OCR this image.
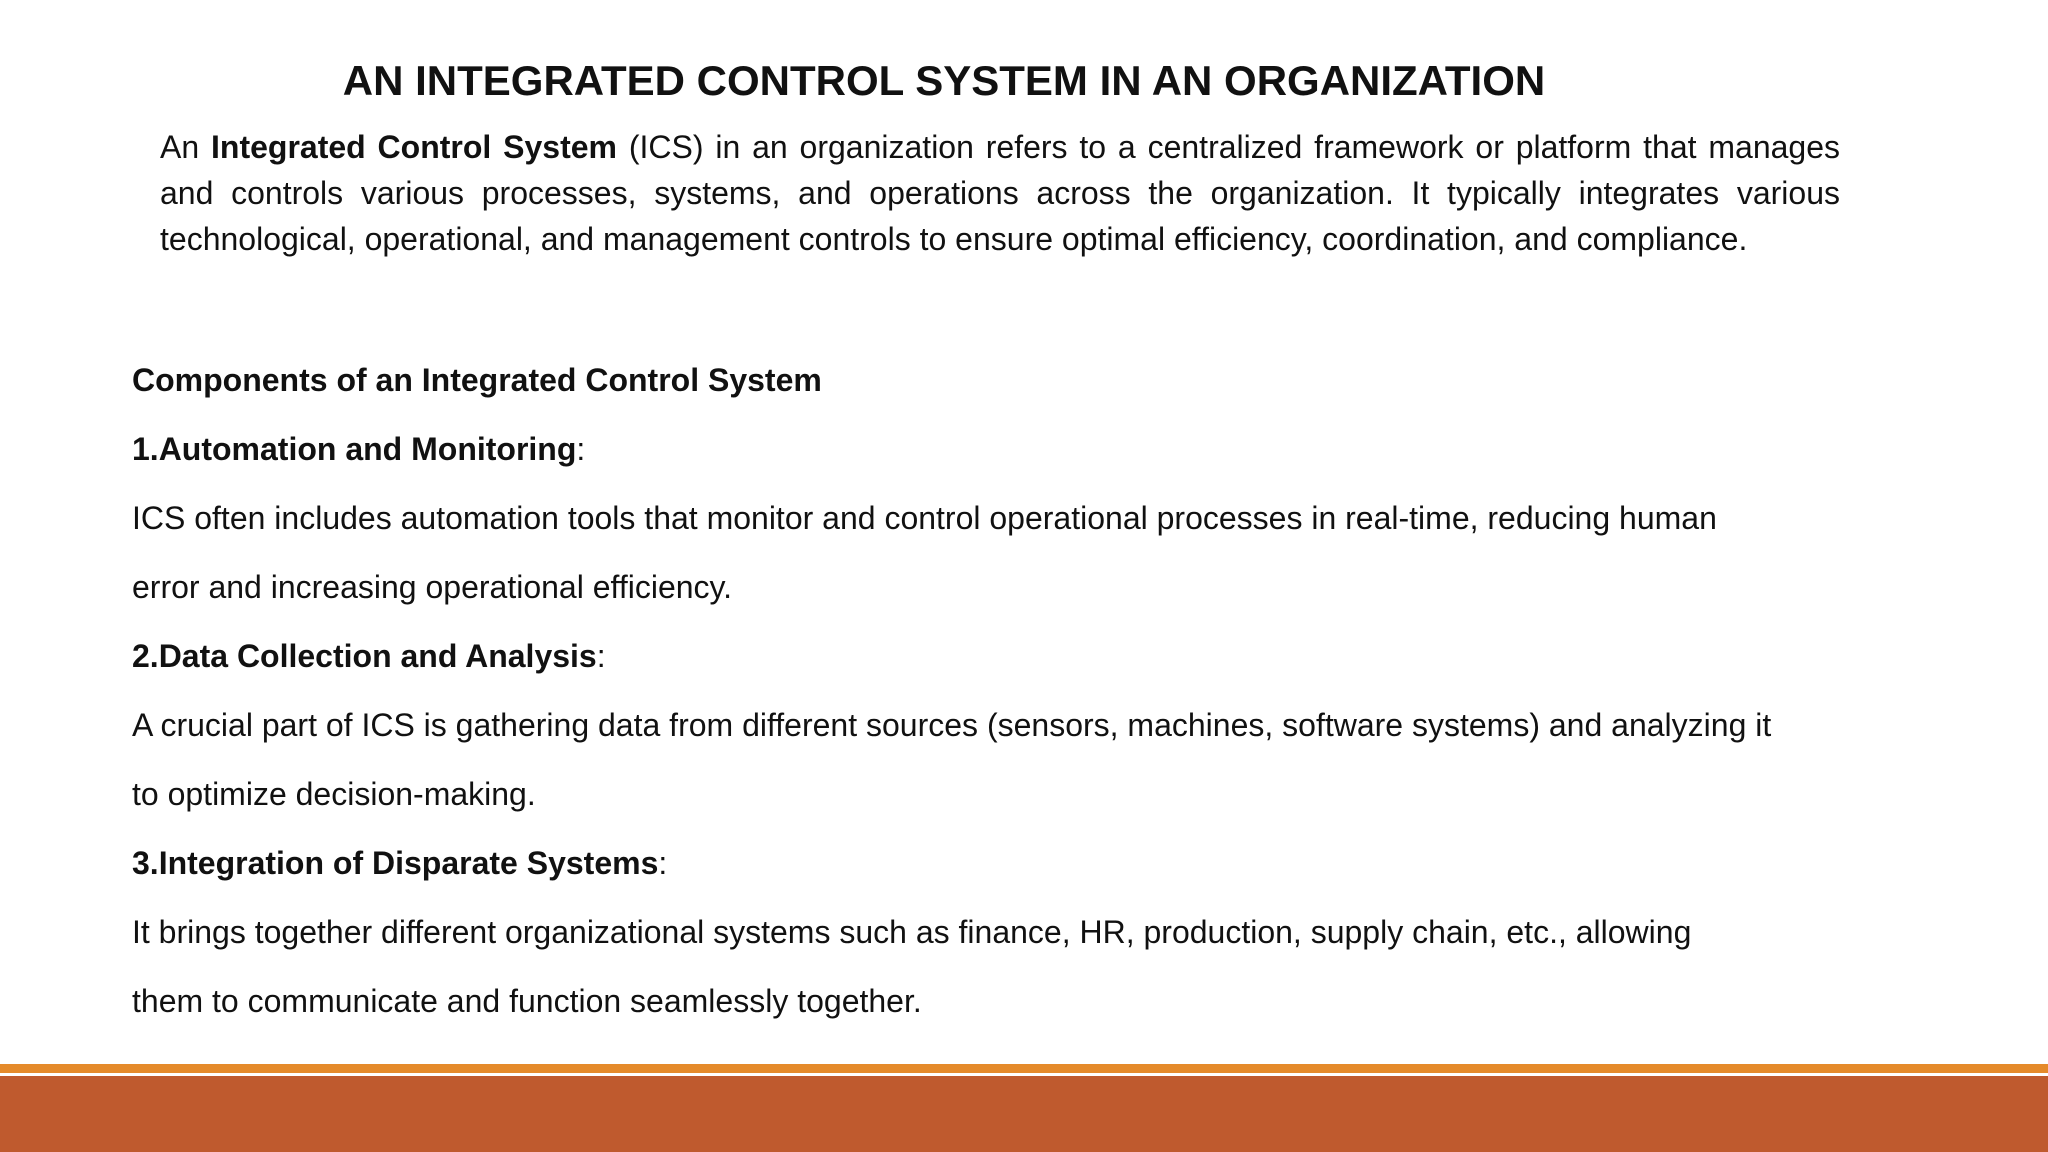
AN INTEGRATED CONTROL SYSTEM IN AN ORGANIZATION

An Integrated Control System (ICS) in an organization refers to a centralized framework or platform that manages and controls various processes, systems, and operations across the organization. It typically integrates various technological, operational, and management controls to ensure optimal efficiency, coordination, and compliance.

Components of an Integrated Control System

1.Automation and Monitoring:

ICS often includes automation tools that monitor and control operational processes in real-time, reducing human

error and increasing operational efficiency.

2.Data Collection and Analysis:

A crucial part of ICS is gathering data from different sources (sensors, machines, software systems) and analyzing it

to optimize decision-making.

3.Integration of Disparate Systems:

It brings together different organizational systems such as finance, HR, production, supply chain, etc., allowing

them to communicate and function seamlessly together.
